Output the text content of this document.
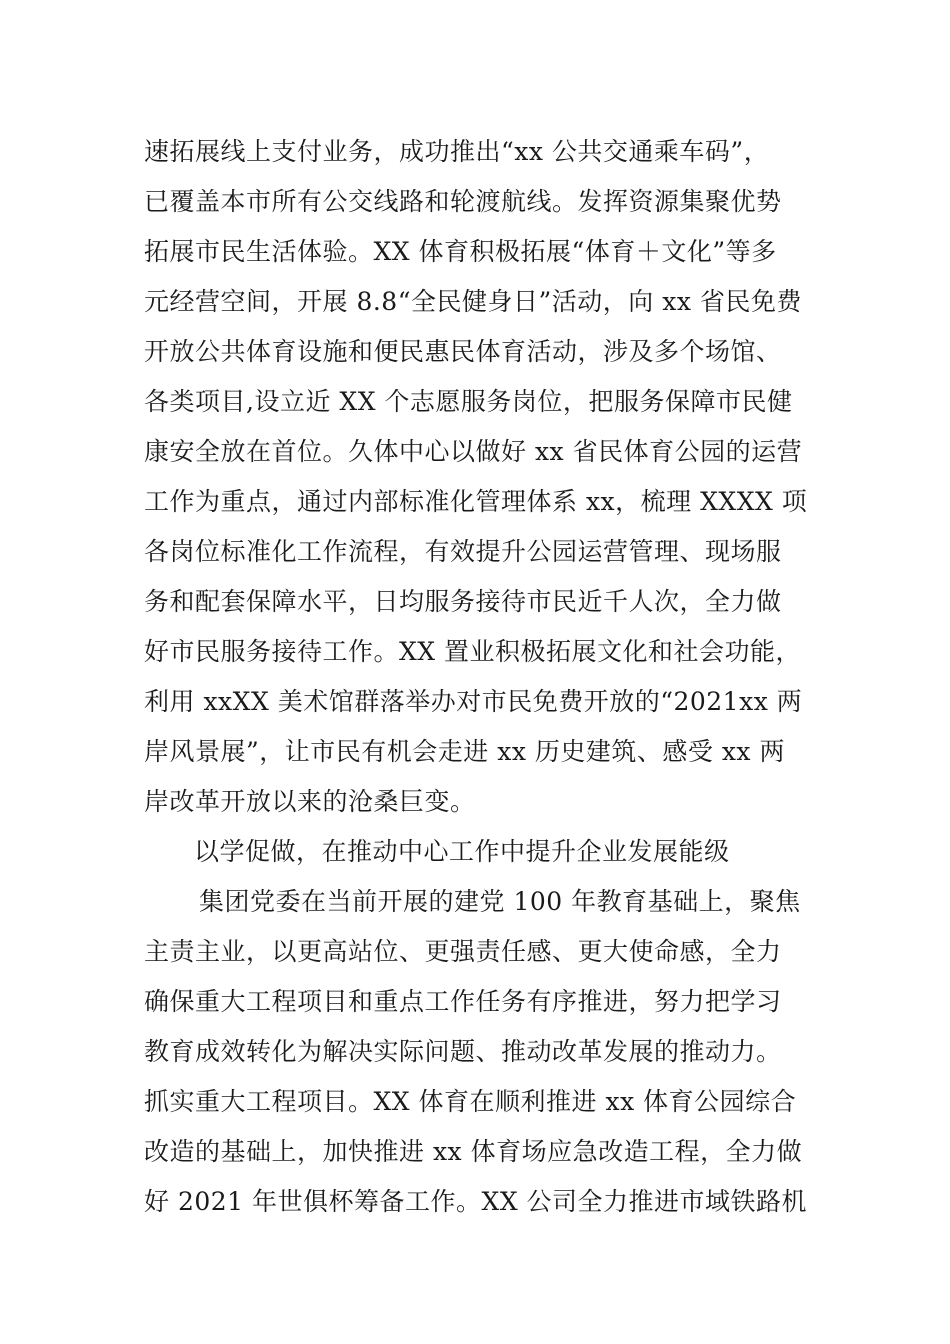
速拓展线上支付业务，成功推出“xx 公共交通乘车码”，
已覆盖本市所有公交线路和轮渡航线。发挥资源集聚优势
拓展市民生活体验。XX 体育积极拓展“体育＋文化”等多
元经营空间，开展 8.8“全民健身日”活动，向 xx 省民免费
开放公共体育设施和便民惠民体育活动，涉及多个场馆、
各类项目,设立近 XX 个志愿服务岗位，把服务保障市民健
康安全放在首位。久体中心以做好 xx 省民体育公园的运营
工作为重点，通过内部标准化管理体系 xx，梳理 XXXX 项
各岗位标准化工作流程，有效提升公园运营管理、现场服
务和配套保障水平，日均服务接待市民近千人次，全力做
好市民服务接待工作。XX 置业积极拓展文化和社会功能，
利用 xxXX 美术馆群落举办对市民免费开放的“2021xx 两
岸风景展”，让市民有机会走进 xx 历史建筑、感受 xx 两
岸改革开放以来的沧桑巨变。
以学促做，在推动中心工作中提升企业发展能级
集团党委在当前开展的建党 100 年教育基础上，聚焦
主责主业，以更高站位、更强责任感、更大使命感，全力
确保重大工程项目和重点工作任务有序推进，努力把学习
教育成效转化为解决实际问题、推动改革发展的推动力。
抓实重大工程项目。XX 体育在顺利推进 xx 体育公园综合
改造的基础上，加快推进 xx 体育场应急改造工程，全力做
好 2021 年世俱杯筹备工作。XX 公司全力推进市域铁路机
